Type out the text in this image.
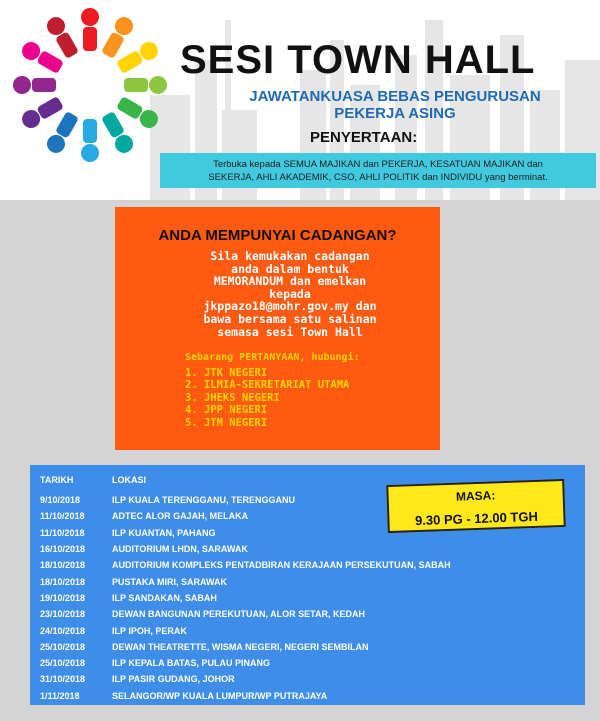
SESI TOWN HALL
JAWATANKUASA BEBAS PENGURUSAN
PEKERJA ASING
PENYERTAAN:
Terbuka kepada SEMUA MAJIKAN dan PEKERJA, KESATUAN MAJIKAN dan
SEKERJA, AHLI AKADEMIK, CSO, AHLI POLITIK dan INDIVIDU yang berminat.
ANDA MEMPUNYAI CADANGAN?
Sila kemukakan cadangan
anda dalam bentuk
MEMORANDUM dan emelkan
kepada
jkppazo18@mohr.gov.my dan
bawa bersama satu salinan
semasa sesi Town Hall
Sebarang PERTANYAAN, hubungi:
1. JTK NEGERI
2. ILMIA-SEKRETARIAT UTAMA
3. JHEKS NEGERI
4. JPP NEGERI
5. JTM NEGERI
TARIKH	LOKASI
9/10/2018	ILP KUALA TERENGGANU, TERENGGANU
11/10/2018	ADTEC ALOR GAJAH, MELAKA
11/10/2018	ILP KUANTAN, PAHANG
16/10/2018	AUDITORIUM LHDN, SARAWAK
18/10/2018	AUDITORIUM KOMPLEKS PENTADBIRAN KERAJAAN PERSEKUTUAN, SABAH
18/10/2018	PUSTAKA MIRI, SARAWAK
19/10/2018	ILP SANDAKAN, SABAH
23/10/2018	DEWAN BANGUNAN PEREKUTUAN, ALOR SETAR, KEDAH
24/10/2018	ILP IPOH, PERAK
25/10/2018	DEWAN THEATRETTE, WISMA NEGERI, NEGERI SEMBILAN
25/10/2018	ILP KEPALA BATAS, PULAU PINANG
31/10/2018	ILP PASIR GUDANG, JOHOR
1/11/2018	SELANGOR/WP KUALA LUMPUR/WP PUTRAJAYA
MASA:
9.30 PG - 12.00 TGH
